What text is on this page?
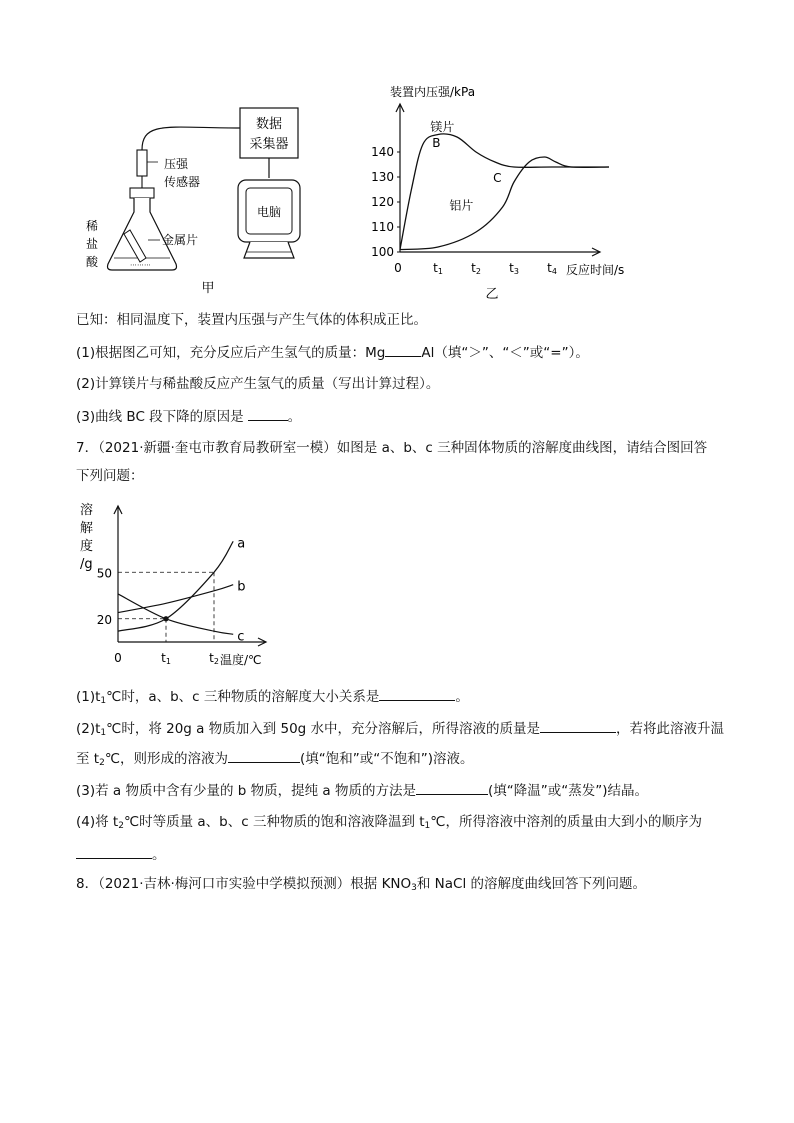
数据
采集器
电脑
压强
传感器
⋯⋯⋯
金属片
稀
盐
酸
甲
装置内压强/kPa
100
110
120
130
140
0	t1 t2 t3 t4
镁片
铝片
B
C
反应时间/s
乙
已知：相同温度下，装置内压强与产生气体的体积成正比。
(1)根据图乙可知，充分反应后产生氢气的质量：Mg	Al（填“＞”、“＜”或“=”）。
(2)计算镁片与稀盐酸反应产生氢气的质量（写出计算过程）。
(3)曲线 BC 段下降的原因是	。
7．（2021·新疆·奎屯市教育局教研室一模）如图是 a、b、c 三种固体物质的溶解度曲线图，请结合图回答
下列问题：
溶
解
度
/g
20
50
0	t1	t2
a
b
c
温度/℃
$(1)t_1℃$时，a、b、c 三种物质的溶解度大小关系是	。
$(2)t_1℃$时，将 20g a 物质加入到 50g 水中，充分溶解后，所得溶液的质量是	，若将此溶液升温
至 $t_2℃$，则形成的溶液为	(填“饱和”或“不饱和”)溶液。
(3)若 a 物质中含有少量的 b 物质，提纯 a 物质的方法是	(填“降温”或“蒸发”)结晶。
(4)将 $t_2℃$时等质量 a、b、c 三种物质的饱和溶液降温到 $t_1℃$，所得溶液中溶剂的质量由大到小的顺序为
。
8．（2021·吉林·梅河口市实验中学模拟预测）根据 $KNO_3$和 NaCl 的溶解度曲线回答下列问题。
